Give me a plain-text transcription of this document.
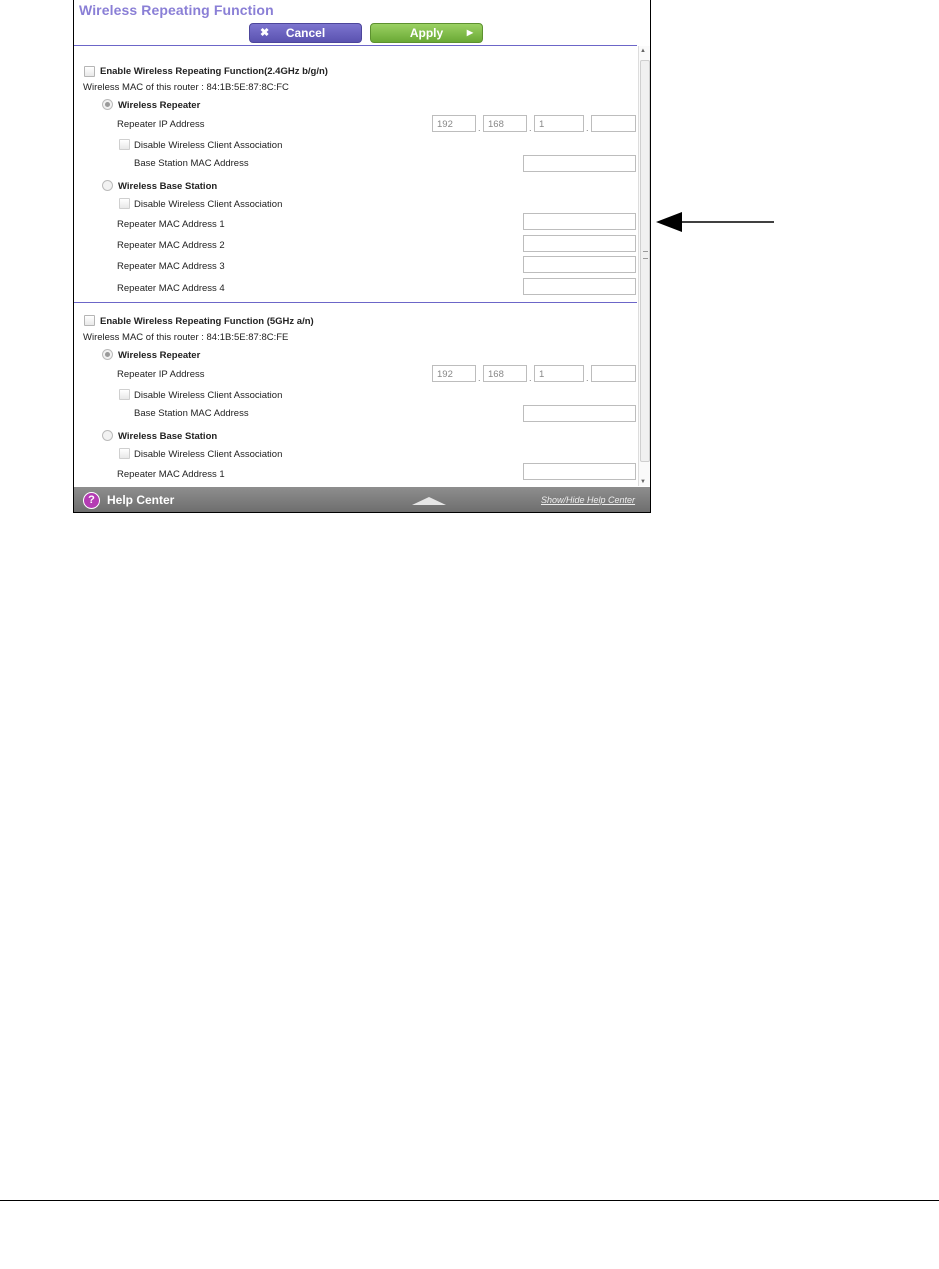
Wireless Repeating Function
✖ Cancel	Apply	▶
Enable Wireless Repeating Function(2.4GHz b/g/n)
Wireless MAC of this router : 84:1B:5E:87:8C:FC
Wireless Repeater
Repeater IP Address	192	. 168	. 1	.
Disable Wireless Client Association
Base Station MAC Address
Wireless Base Station
Disable Wireless Client Association
Repeater MAC Address 1
Repeater MAC Address 2
Repeater MAC Address 3
Repeater MAC Address 4
Enable Wireless Repeating Function (5GHz a/n)
Wireless MAC of this router : 84:1B:5E:87:8C:FE
Wireless Repeater
Repeater IP Address	192	. 168	. 1	.
Disable Wireless Client Association
Base Station MAC Address
Wireless Base Station
Disable Wireless Client Association
Repeater MAC Address 1
▲
▼
?	Help Center	Show/Hide Help Center
